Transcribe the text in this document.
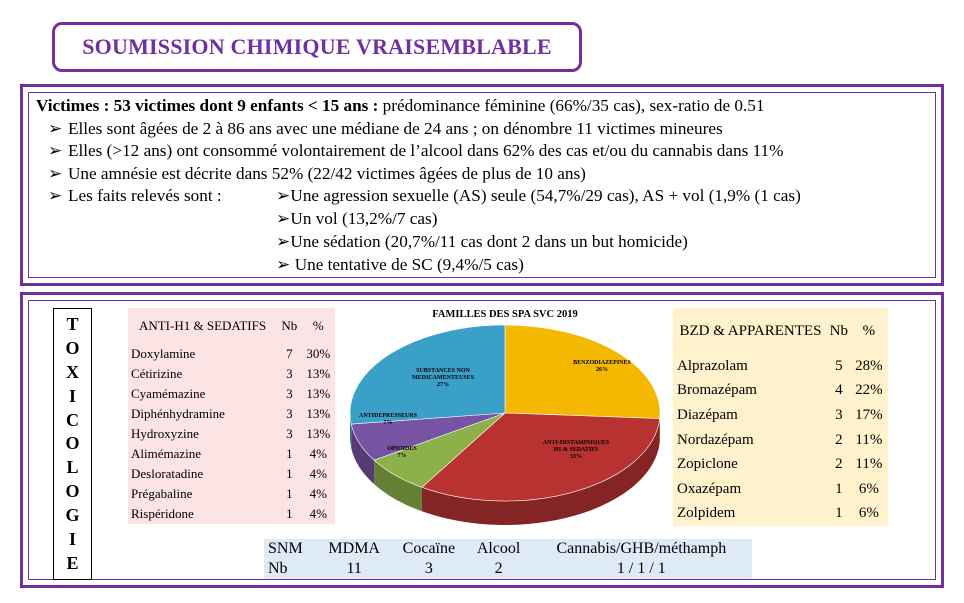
SOUMISSION CHIMIQUE VRAISEMBLABLE
Victimes : 53 victimes dont 9 enfants < 15 ans : prédominance féminine (66%/35 cas), sex-ratio de 0.51
➢ Elles sont âgées de 2 à 86 ans avec une médiane de 24 ans ; on dénombre 11 victimes mineures
➢ Elles (>12 ans) ont consommé volontairement de l’alcool dans 62% des cas et/ou du cannabis dans 11%
➢ Une amnésie est décrite dans 52% (22/42 victimes âgées de plus de 10 ans)
➢ Les faits relevés sont :	➢Une agression sexuelle (AS) seule (54,7%/29 cas), AS + vol (1,9% (1 cas)
➢Un vol (13,2%/7 cas)
➢Une sédation (20,7%/11 cas dont 2 dans un but homicide)
➢ Une tentative de SC (9,4%/5 cas)
T
O
X
I
C
O
L
O
G
I
E
ANTI-H1 & SEDATIFS	Nb	%
Doxylamine	7	30%
Cétirizine	3	13%
Cyamémazine	3	13%
Diphénhydramine	3	13%
Hydroxyzine	3	13%
Alimémazine	1	4%
Desloratadine	1	4%
Prégabaline	1	4%
Rispéridone	1	4%
BZD & APPARENTES	Nb	%
Alprazolam	5	28%
Bromazépam	4	22%
Diazépam	3	17%
Nordazépam	2	11%
Zopiclone	2	11%
Oxazépam	1	6%
Zolpidem	1	6%
SNM	MDMA	Cocaïne	Alcool	Cannabis/GHB/méthamph
Nb	11	3	2	1 / 1 / 1
FAMILLES DES SPA SVC 2019
BENZODIAZEPINES 26%
ANTI-HISTAMINIQUES H1 & SEDATIFS 33%
OPIOIDES 7%
ANTIDEPRESSEURS 7%
SUBSTANCES NON MEDICAMENTEUSES 27%
